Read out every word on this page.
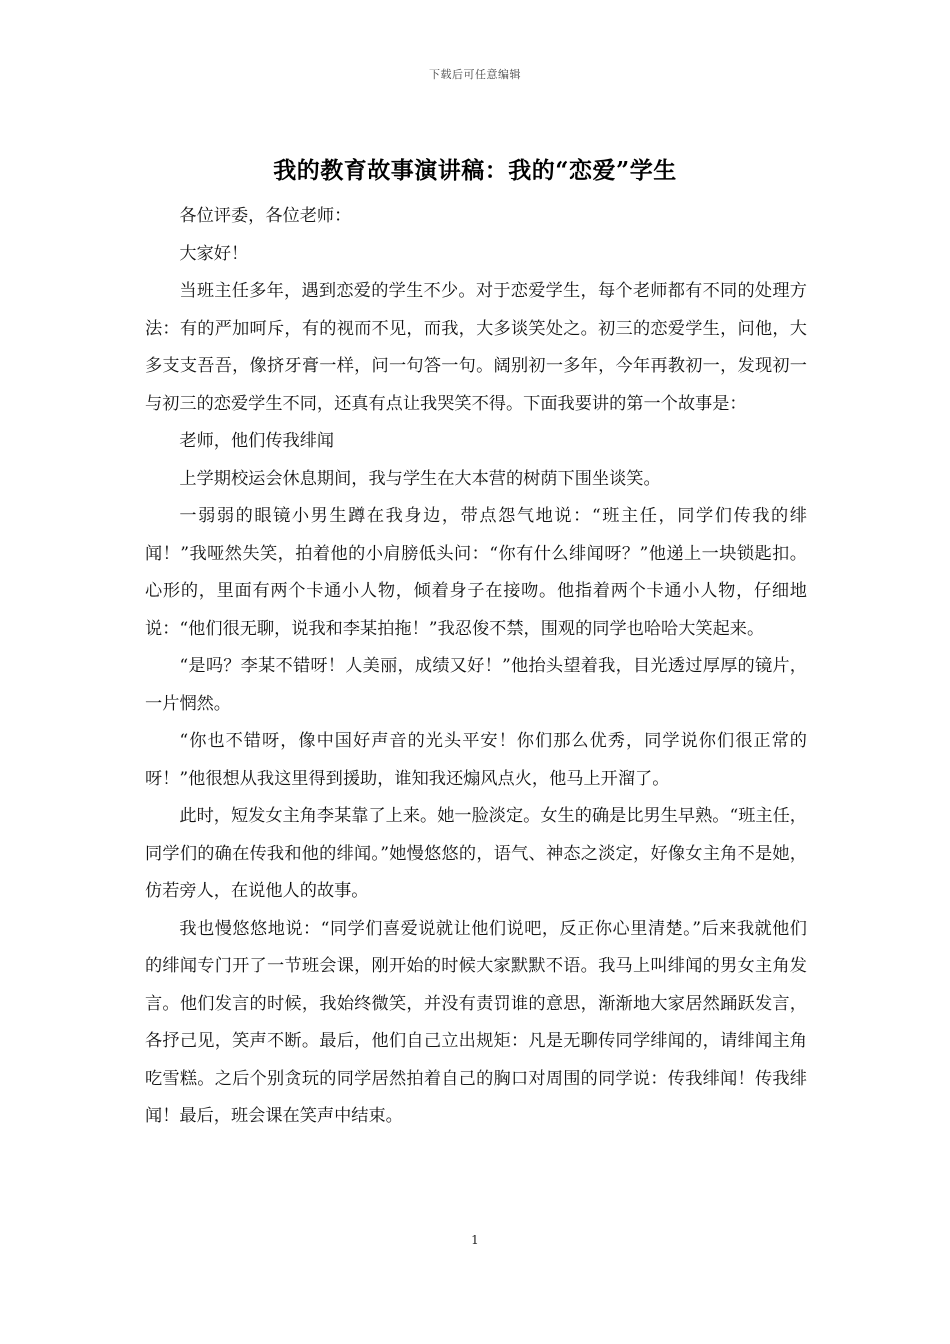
下载后可任意编辑
我的教育故事演讲稿：我的“恋爱”学生

各位评委，各位老师：

大家好！

当班主任多年，遇到恋爱的学生不少。对于恋爱学生，每个老师都有不同的处理方法：有的严加呵斥，有的视而不见，而我，大多谈笑处之。初三的恋爱学生，问他，大多支支吾吾，像挤牙膏一样，问一句答一句。阔别初一多年，今年再教初一，发现初一与初三的恋爱学生不同，还真有点让我哭笑不得。下面我要讲的第一个故事是：

老师，他们传我绯闻

上学期校运会休息期间，我与学生在大本营的树荫下围坐谈笑。

一弱弱的眼镜小男生蹲在我身边，带点怨气地说：“班主任，同学们传我的绯闻！”我哑然失笑，拍着他的小肩膀低头问：“你有什么绯闻呀？”他递上一块锁匙扣。心形的，里面有两个卡通小人物，倾着身子在接吻。他指着两个卡通小人物，仔细地说：“他们很无聊，说我和李某拍拖！”我忍俊不禁，围观的同学也哈哈大笑起来。

“是吗？李某不错呀！人美丽，成绩又好！”他抬头望着我，目光透过厚厚的镜片，一片惘然。

“你也不错呀，像中国好声音的光头平安！你们那么优秀，同学说你们很正常的呀！”他很想从我这里得到援助，谁知我还煽风点火，他马上开溜了。

此时，短发女主角李某靠了上来。她一脸淡定。女生的确是比男生早熟。“班主任，同学们的确在传我和他的绯闻。”她慢悠悠的，语气、神态之淡定，好像女主角不是她，仿若旁人，在说他人的故事。

我也慢悠悠地说：“同学们喜爱说就让他们说吧，反正你心里清楚。”后来我就他们的绯闻专门开了一节班会课，刚开始的时候大家默默不语。我马上叫绯闻的男女主角发言。他们发言的时候，我始终微笑，并没有责罚谁的意思，渐渐地大家居然踊跃发言，各抒己见，笑声不断。最后，他们自己立出规矩：凡是无聊传同学绯闻的，请绯闻主角吃雪糕。之后个别贪玩的同学居然拍着自己的胸口对周围的同学说：传我绯闻！传我绯闻！最后，班会课在笑声中结束。

1
